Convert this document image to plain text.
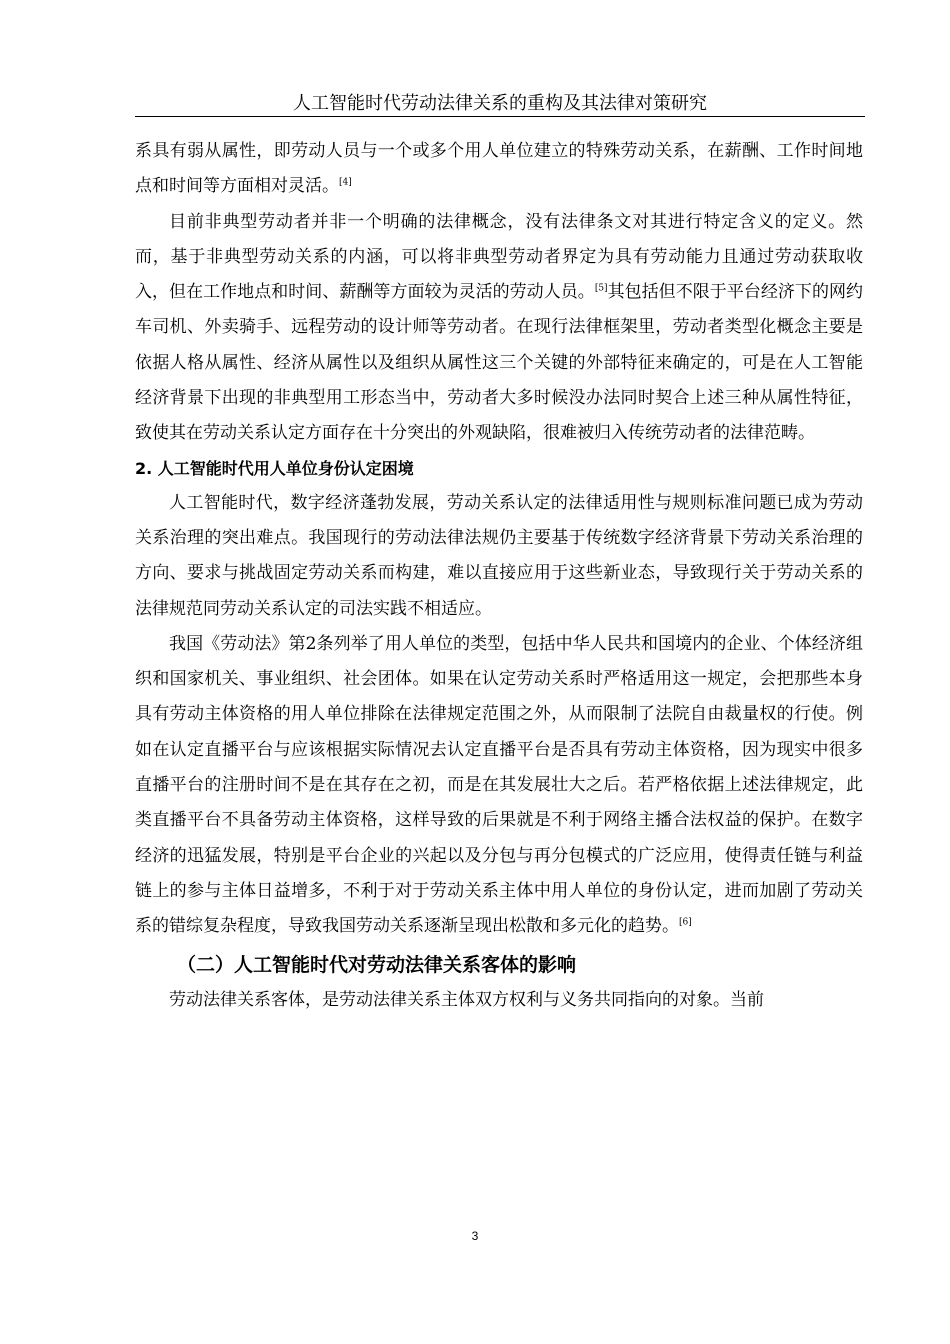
人工智能时代劳动法律关系的重构及其法律对策研究

系具有弱从属性，即劳动人员与一个或多个用人单位建立的特殊劳动关系，在薪酬、工作时间地点和时间等方面相对灵活。[4]

目前非典型劳动者并非一个明确的法律概念，没有法律条文对其进行特定含义的定义。然而，基于非典型劳动关系的内涵，可以将非典型劳动者界定为具有劳动能力且通过劳动获取收入，但在工作地点和时间、薪酬等方面较为灵活的劳动人员。[5]其包括但不限于平台经济下的网约车司机、外卖骑手、远程劳动的设计师等劳动者。在现行法律框架里，劳动者类型化概念主要是依据人格从属性、经济从属性以及组织从属性这三个关键的外部特征来确定的，可是在人工智能经济背景下出现的非典型用工形态当中，劳动者大多时候没办法同时契合上述三种从属性特征，致使其在劳动关系认定方面存在十分突出的外观缺陷，很难被归入传统劳动者的法律范畴。

2. 人工智能时代用人单位身份认定困境

人工智能时代，数字经济蓬勃发展，劳动关系认定的法律适用性与规则标准问题已成为劳动关系治理的突出难点。我国现行的劳动法律法规仍主要基于传统数字经济背景下劳动关系治理的方向、要求与挑战固定劳动关系而构建，难以直接应用于这些新业态，导致现行关于劳动关系的法律规范同劳动关系认定的司法实践不相适应。

我国《劳动法》第2条列举了用人单位的类型，包括中华人民共和国境内的企业、个体经济组织和国家机关、事业组织、社会团体。如果在认定劳动关系时严格适用这一规定，会把那些本身具有劳动主体资格的用人单位排除在法律规定范围之外，从而限制了法院自由裁量权的行使。例如在认定直播平台与应该根据实际情况去认定直播平台是否具有劳动主体资格，因为现实中很多直播平台的注册时间不是在其存在之初，而是在其发展壮大之后。若严格依据上述法律规定，此类直播平台不具备劳动主体资格，这样导致的后果就是不利于网络主播合法权益的保护。在数字经济的迅猛发展，特别是平台企业的兴起以及分包与再分包模式的广泛应用，使得责任链与利益链上的参与主体日益增多，不利于对于劳动关系主体中用人单位的身份认定，进而加剧了劳动关系的错综复杂程度，导致我国劳动关系逐渐呈现出松散和多元化的趋势。[6]

（二）人工智能时代对劳动法律关系客体的影响

劳动法律关系客体，是劳动法律关系主体双方权利与义务共同指向的对象。当前

3
